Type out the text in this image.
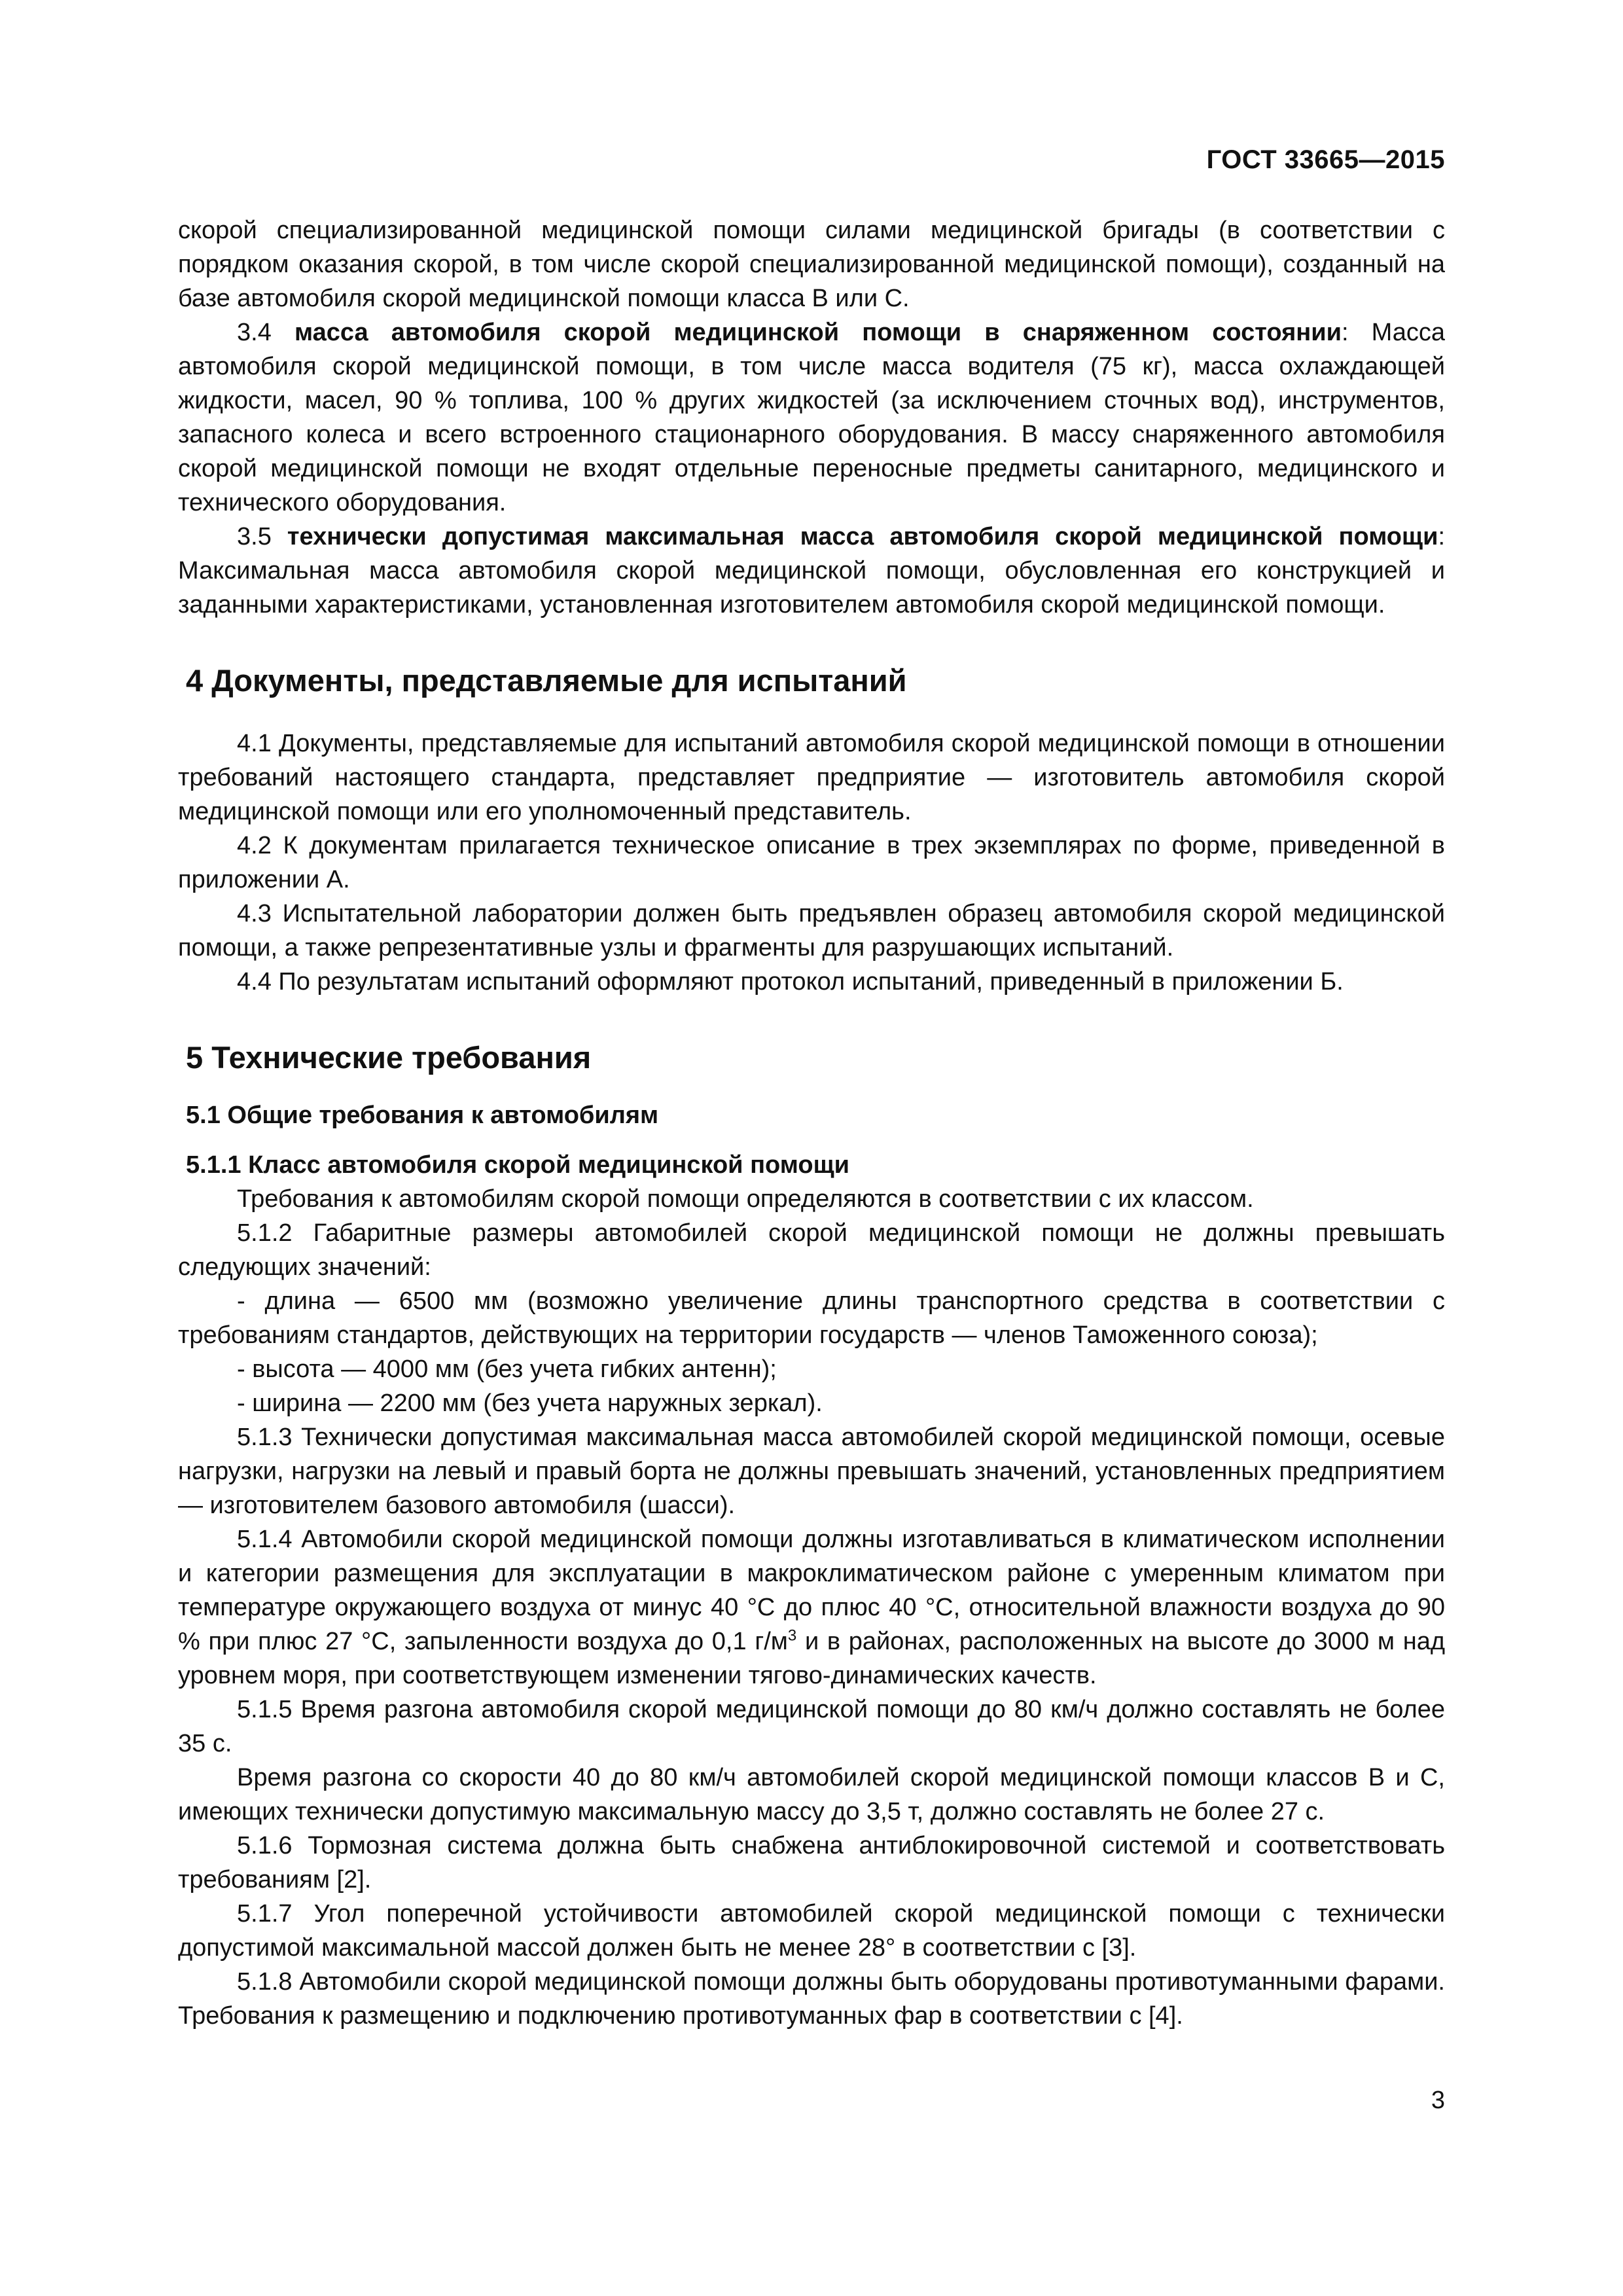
ГОСТ 33665—2015

скорой специализированной медицинской помощи силами медицинской бригады (в соответствии с порядком оказания скорой, в том числе скорой специализированной медицинской помощи), созданный на базе автомобиля скорой медицинской помощи класса В или С.

3.4 масса автомобиля скорой медицинской помощи в снаряженном состоянии: Масса автомобиля скорой медицинской помощи, в том числе масса водителя (75 кг), масса охлаждающей жидкости, масел, 90 % топлива, 100 % других жидкостей (за исключением сточных вод), инструментов, запасного колеса и всего встроенного стационарного оборудования. В массу снаряженного автомобиля скорой медицинской помощи не входят отдельные переносные предметы санитарного, медицинского и технического оборудования.

3.5 технически допустимая максимальная масса автомобиля скорой медицинской помощи: Максимальная масса автомобиля скорой медицинской помощи, обусловленная его конструкцией и заданными характеристиками, установленная изготовителем автомобиля скорой медицинской помощи.

4 Документы, представляемые для испытаний

4.1 Документы, представляемые для испытаний автомобиля скорой медицинской помощи в отношении требований настоящего стандарта, представляет предприятие — изготовитель автомобиля скорой медицинской помощи или его уполномоченный представитель.

4.2 К документам прилагается техническое описание в трех экземплярах по форме, приведенной в приложении А.

4.3 Испытательной лаборатории должен быть предъявлен образец автомобиля скорой медицинской помощи, а также репрезентативные узлы и фрагменты для разрушающих испытаний.

4.4 По результатам испытаний оформляют протокол испытаний, приведенный в приложении Б.

5 Технические требования

5.1 Общие требования к автомобилям

5.1.1 Класс автомобиля скорой медицинской помощи

Требования к автомобилям скорой помощи определяются в соответствии с их классом.

5.1.2 Габаритные размеры автомобилей скорой медицинской помощи не должны превышать следующих значений:

- длина — 6500 мм (возможно увеличение длины транспортного средства в соответствии с требованиям стандартов, действующих на территории государств — членов Таможенного союза);

- высота — 4000 мм (без учета гибких антенн);

- ширина — 2200 мм (без учета наружных зеркал).

5.1.3 Технически допустимая максимальная масса автомобилей скорой медицинской помощи, осевые нагрузки, нагрузки на левый и правый борта не должны превышать значений, установленных предприятием — изготовителем базового автомобиля (шасси).

5.1.4 Автомобили скорой медицинской помощи должны изготавливаться в климатическом исполнении и категории размещения для эксплуатации в макроклиматическом районе с умеренным климатом при температуре окружающего воздуха от минус 40 °С до плюс 40 °С, относительной влажности воздуха до 90 % при плюс 27 °С, запыленности воздуха до 0,1 $г/м^3$ и в районах, расположенных на высоте до 3000 м над уровнем моря, при соответствующем изменении тягово-динамических качеств.

5.1.5 Время разгона автомобиля скорой медицинской помощи до 80 км/ч должно составлять не более 35 с.

Время разгона со скорости 40 до 80 км/ч автомобилей скорой медицинской помощи классов В и С, имеющих технически допустимую максимальную массу до 3,5 т, должно составлять не более 27 с.

5.1.6 Тормозная система должна быть снабжена антиблокировочной системой и соответствовать требованиям [2].

5.1.7 Угол поперечной устойчивости автомобилей скорой медицинской помощи с технически допустимой максимальной массой должен быть не менее 28° в соответствии с [3].

5.1.8 Автомобили скорой медицинской помощи должны быть оборудованы противотуманными фарами. Требования к размещению и подключению противотуманных фар в соответствии с [4].

3
